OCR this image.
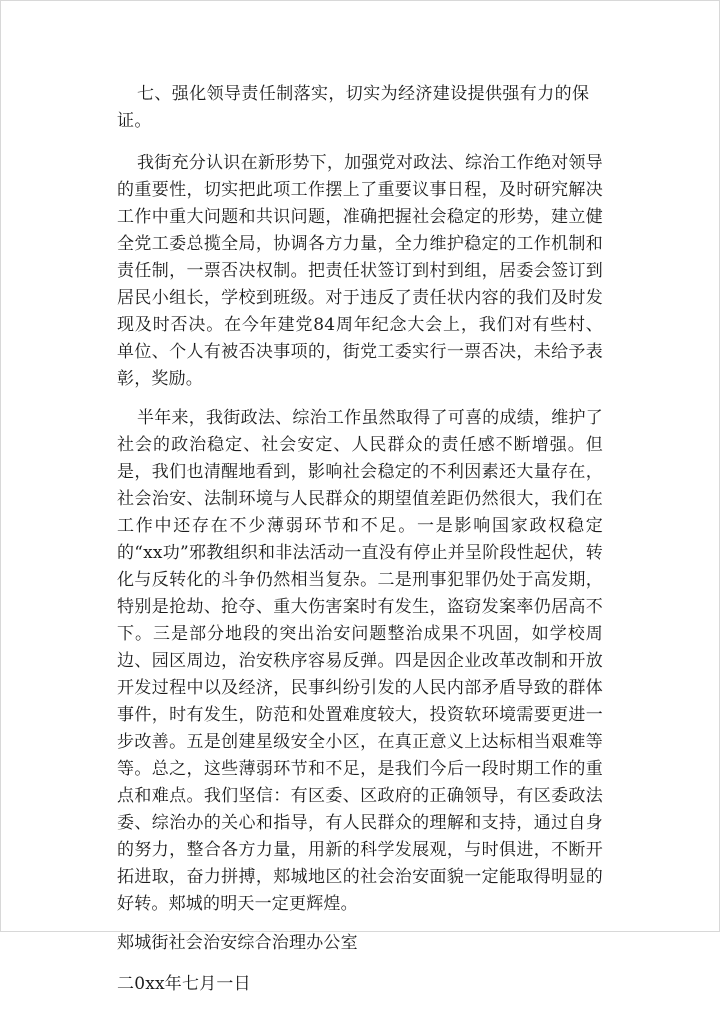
七、强化领导责任制落实，切实为经济建设提供强有力的保证。

我街充分认识在新形势下，加强党对政法、综治工作绝对领导的重要性，切实把此项工作摆上了重要议事日程，及时研究解决工作中重大问题和共识问题，准确把握社会稳定的形势，建立健全党工委总揽全局，协调各方力量，全力维护稳定的工作机制和责任制，一票否决权制。把责任状签订到村到组，居委会签订到居民小组长，学校到班级。对于违反了责任状内容的我们及时发现及时否决。在今年建党84周年纪念大会上，我们对有些村、单位、个人有被否决事项的，街党工委实行一票否决，未给予表彰，奖励。

半年来，我街政法、综治工作虽然取得了可喜的成绩，维护了社会的政治稳定、社会安定、人民群众的责任感不断增强。但是，我们也清醒地看到，影响社会稳定的不利因素还大量存在，社会治安、法制环境与人民群众的期望值差距仍然很大，我们在工作中还存在不少薄弱环节和不足。一是影响国家政权稳定的“xx功”邪教组织和非法活动一直没有停止并呈阶段性起伏，转化与反转化的斗争仍然相当复杂。二是刑事犯罪仍处于高发期，特别是抢劫、抢夺、重大伤害案时有发生，盗窃发案率仍居高不下。三是部分地段的突出治安问题整治成果不巩固，如学校周边、园区周边，治安秩序容易反弹。四是因企业改革改制和开放开发过程中以及经济，民事纠纷引发的人民内部矛盾导致的群体事件，时有发生，防范和处置难度较大，投资软环境需要更进一步改善。五是创建星级安全小区，在真正意义上达标相当艰难等等。总之，这些薄弱环节和不足，是我们今后一段时期工作的重点和难点。我们坚信：有区委、区政府的正确领导，有区委政法委、综治办的关心和指导，有人民群众的理解和支持，通过自身的努力，整合各方力量，用新的科学发展观，与时俱进，不断开拓进取，奋力拼搏，郏城地区的社会治安面貌一定能取得明显的好转。郏城的明天一定更辉煌。

郏城街社会治安综合治理办公室

二0xx年七月一日
